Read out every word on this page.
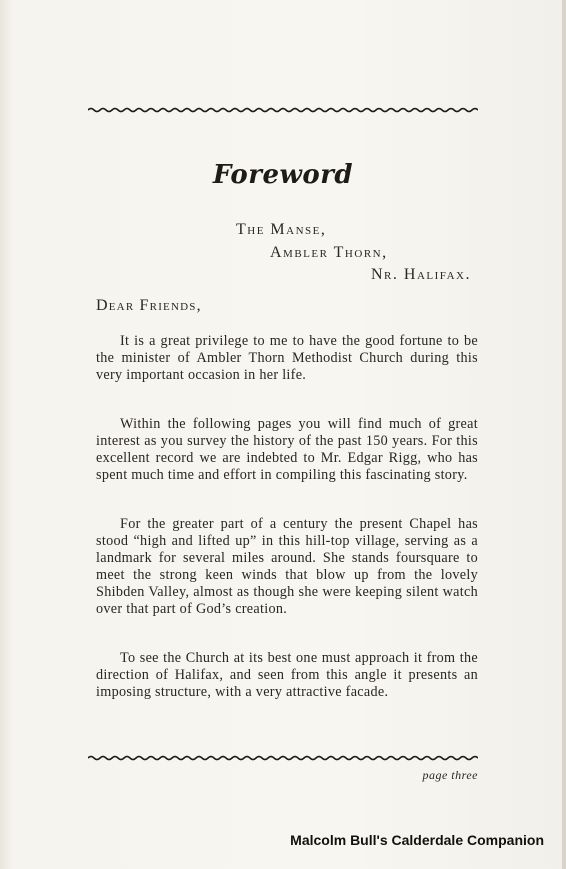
Foreword
The Manse,
Ambler Thorn,
Nr. Halifax.
Dear Friends,

It is a great privilege to me to have the good fortune to be the minister of Ambler Thorn Methodist Church during this very important occasion in her life.

Within the following pages you will find much of great interest as you survey the history of the past 150 years. For this excellent record we are indebted to Mr. Edgar Rigg, who has spent much time and effort in compiling this fascinating story.

For the greater part of a century the present Chapel has stood “high and lifted up” in this hill-top village, serving as a landmark for several miles around. She stands foursquare to meet the strong keen winds that blow up from the lovely Shibden Valley, almost as though she were keeping silent watch over that part of God’s creation.

To see the Church at its best one must approach it from the direction of Halifax, and seen from this angle it presents an imposing structure, with a very attractive facade.

page three
Malcolm Bull's Calderdale Companion
